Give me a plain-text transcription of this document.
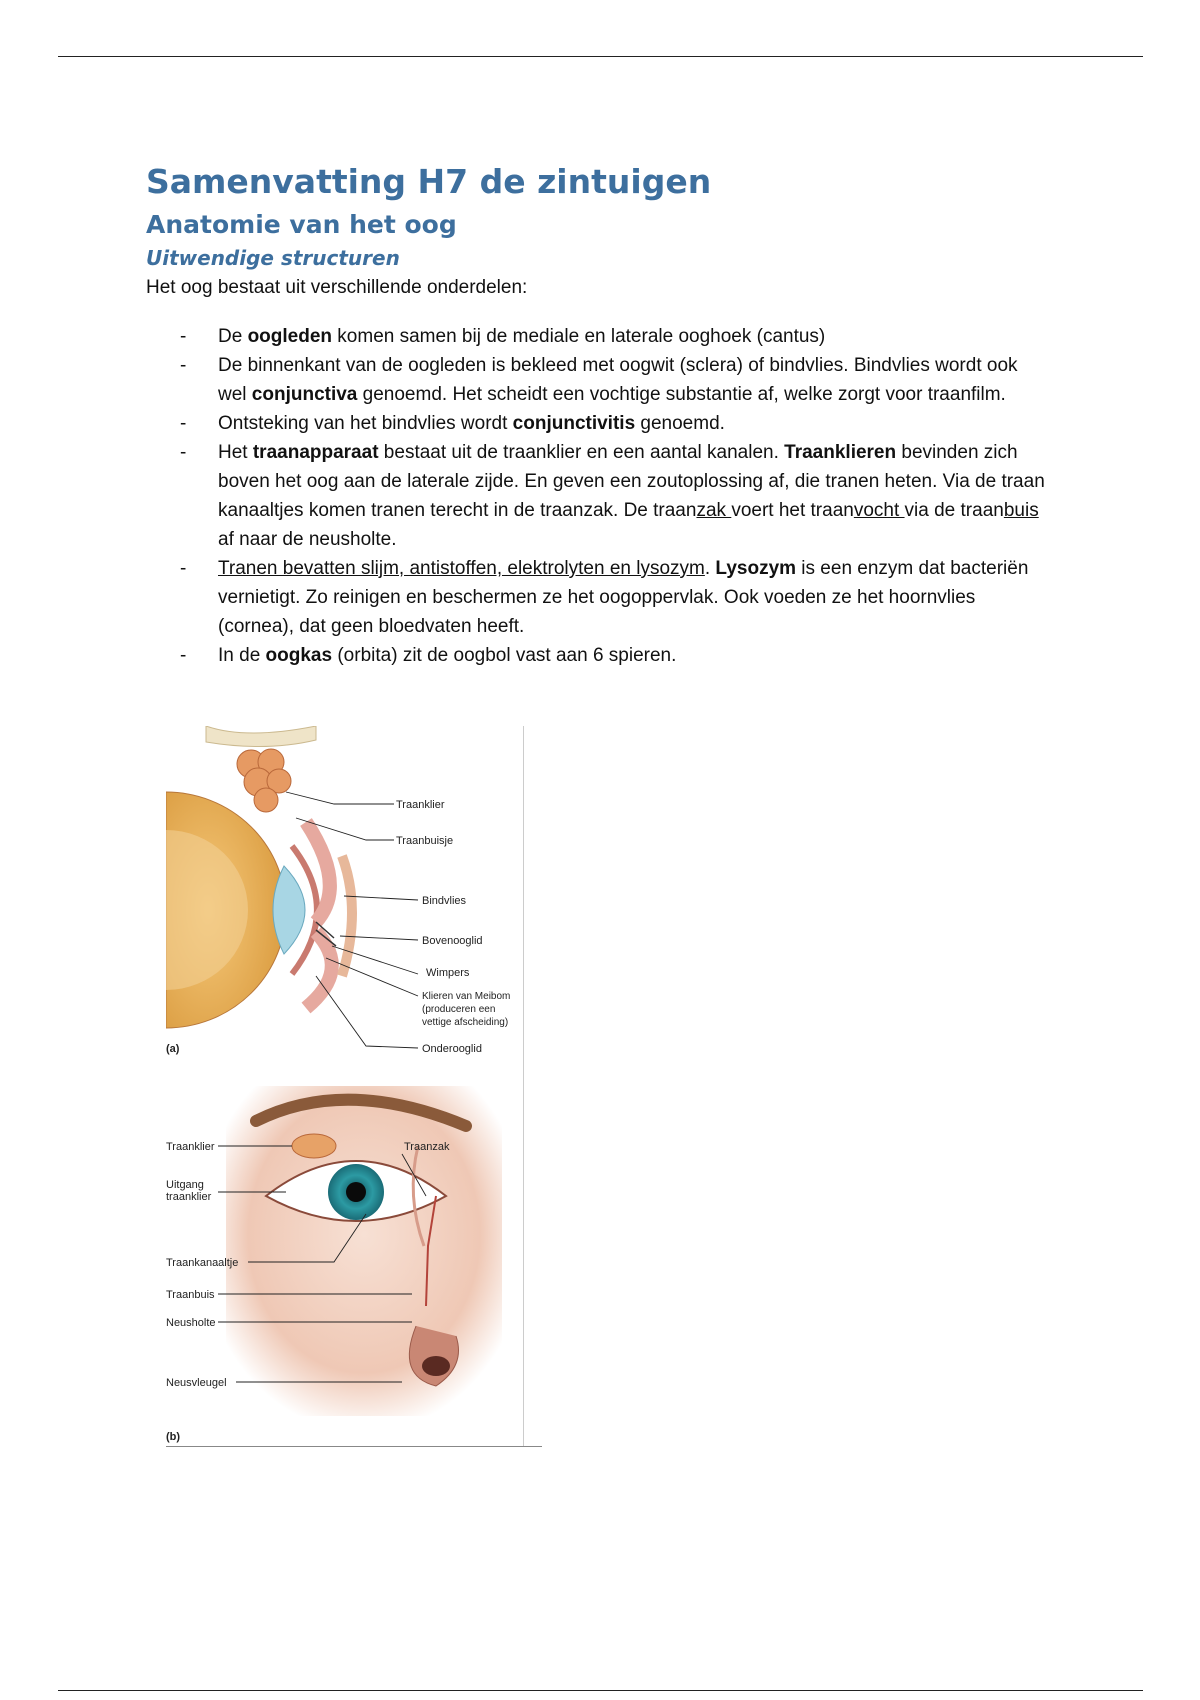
Samenvatting H7 de zintuigen
Anatomie van het oog
Uitwendige structuren

Het oog bestaat uit verschillende onderdelen:

- De oogleden komen samen bij de mediale en laterale ooghoek (cantus)
- De binnenkant van de oogleden is bekleed met oogwit (sclera) of bindvlies. Bindvlies wordt ook wel conjunctiva genoemd. Het scheidt een vochtige substantie af, welke zorgt voor traanfilm.
- Ontsteking van het bindvlies wordt conjunctivitis genoemd.
- Het traanapparaat bestaat uit de traanklier en een aantal kanalen. Traanklieren bevinden zich boven het oog aan de laterale zijde. En geven een zoutoplossing af, die tranen heten. Via de traan kanaaltjes komen tranen terecht in de traanzak. De traanzak voert het traanvocht via de traanbuis af naar de neusholte.
- Tranen bevatten slijm, antistoffen, elektrolyten en lysozym. Lysozym is een enzym dat bacteriën vernietigt. Zo reinigen en beschermen ze het oogoppervlak. Ook voeden ze het hoornvlies (cornea), dat geen bloedvaten heeft.
- In de oogkas (orbita) zit de oogbol vast aan 6 spieren.
Traanklier
Traanbuisje
Bindvlies
Bovenooglid
Wimpers
Klieren van Meibom
(produceren een
vettige afscheiding)
Onderooglid
(a)
Traanklier
Uitgang
traanklier
Traanzak
Traankanaaltje
Traanbuis
Neusholte
Neusvleugel
(b)
